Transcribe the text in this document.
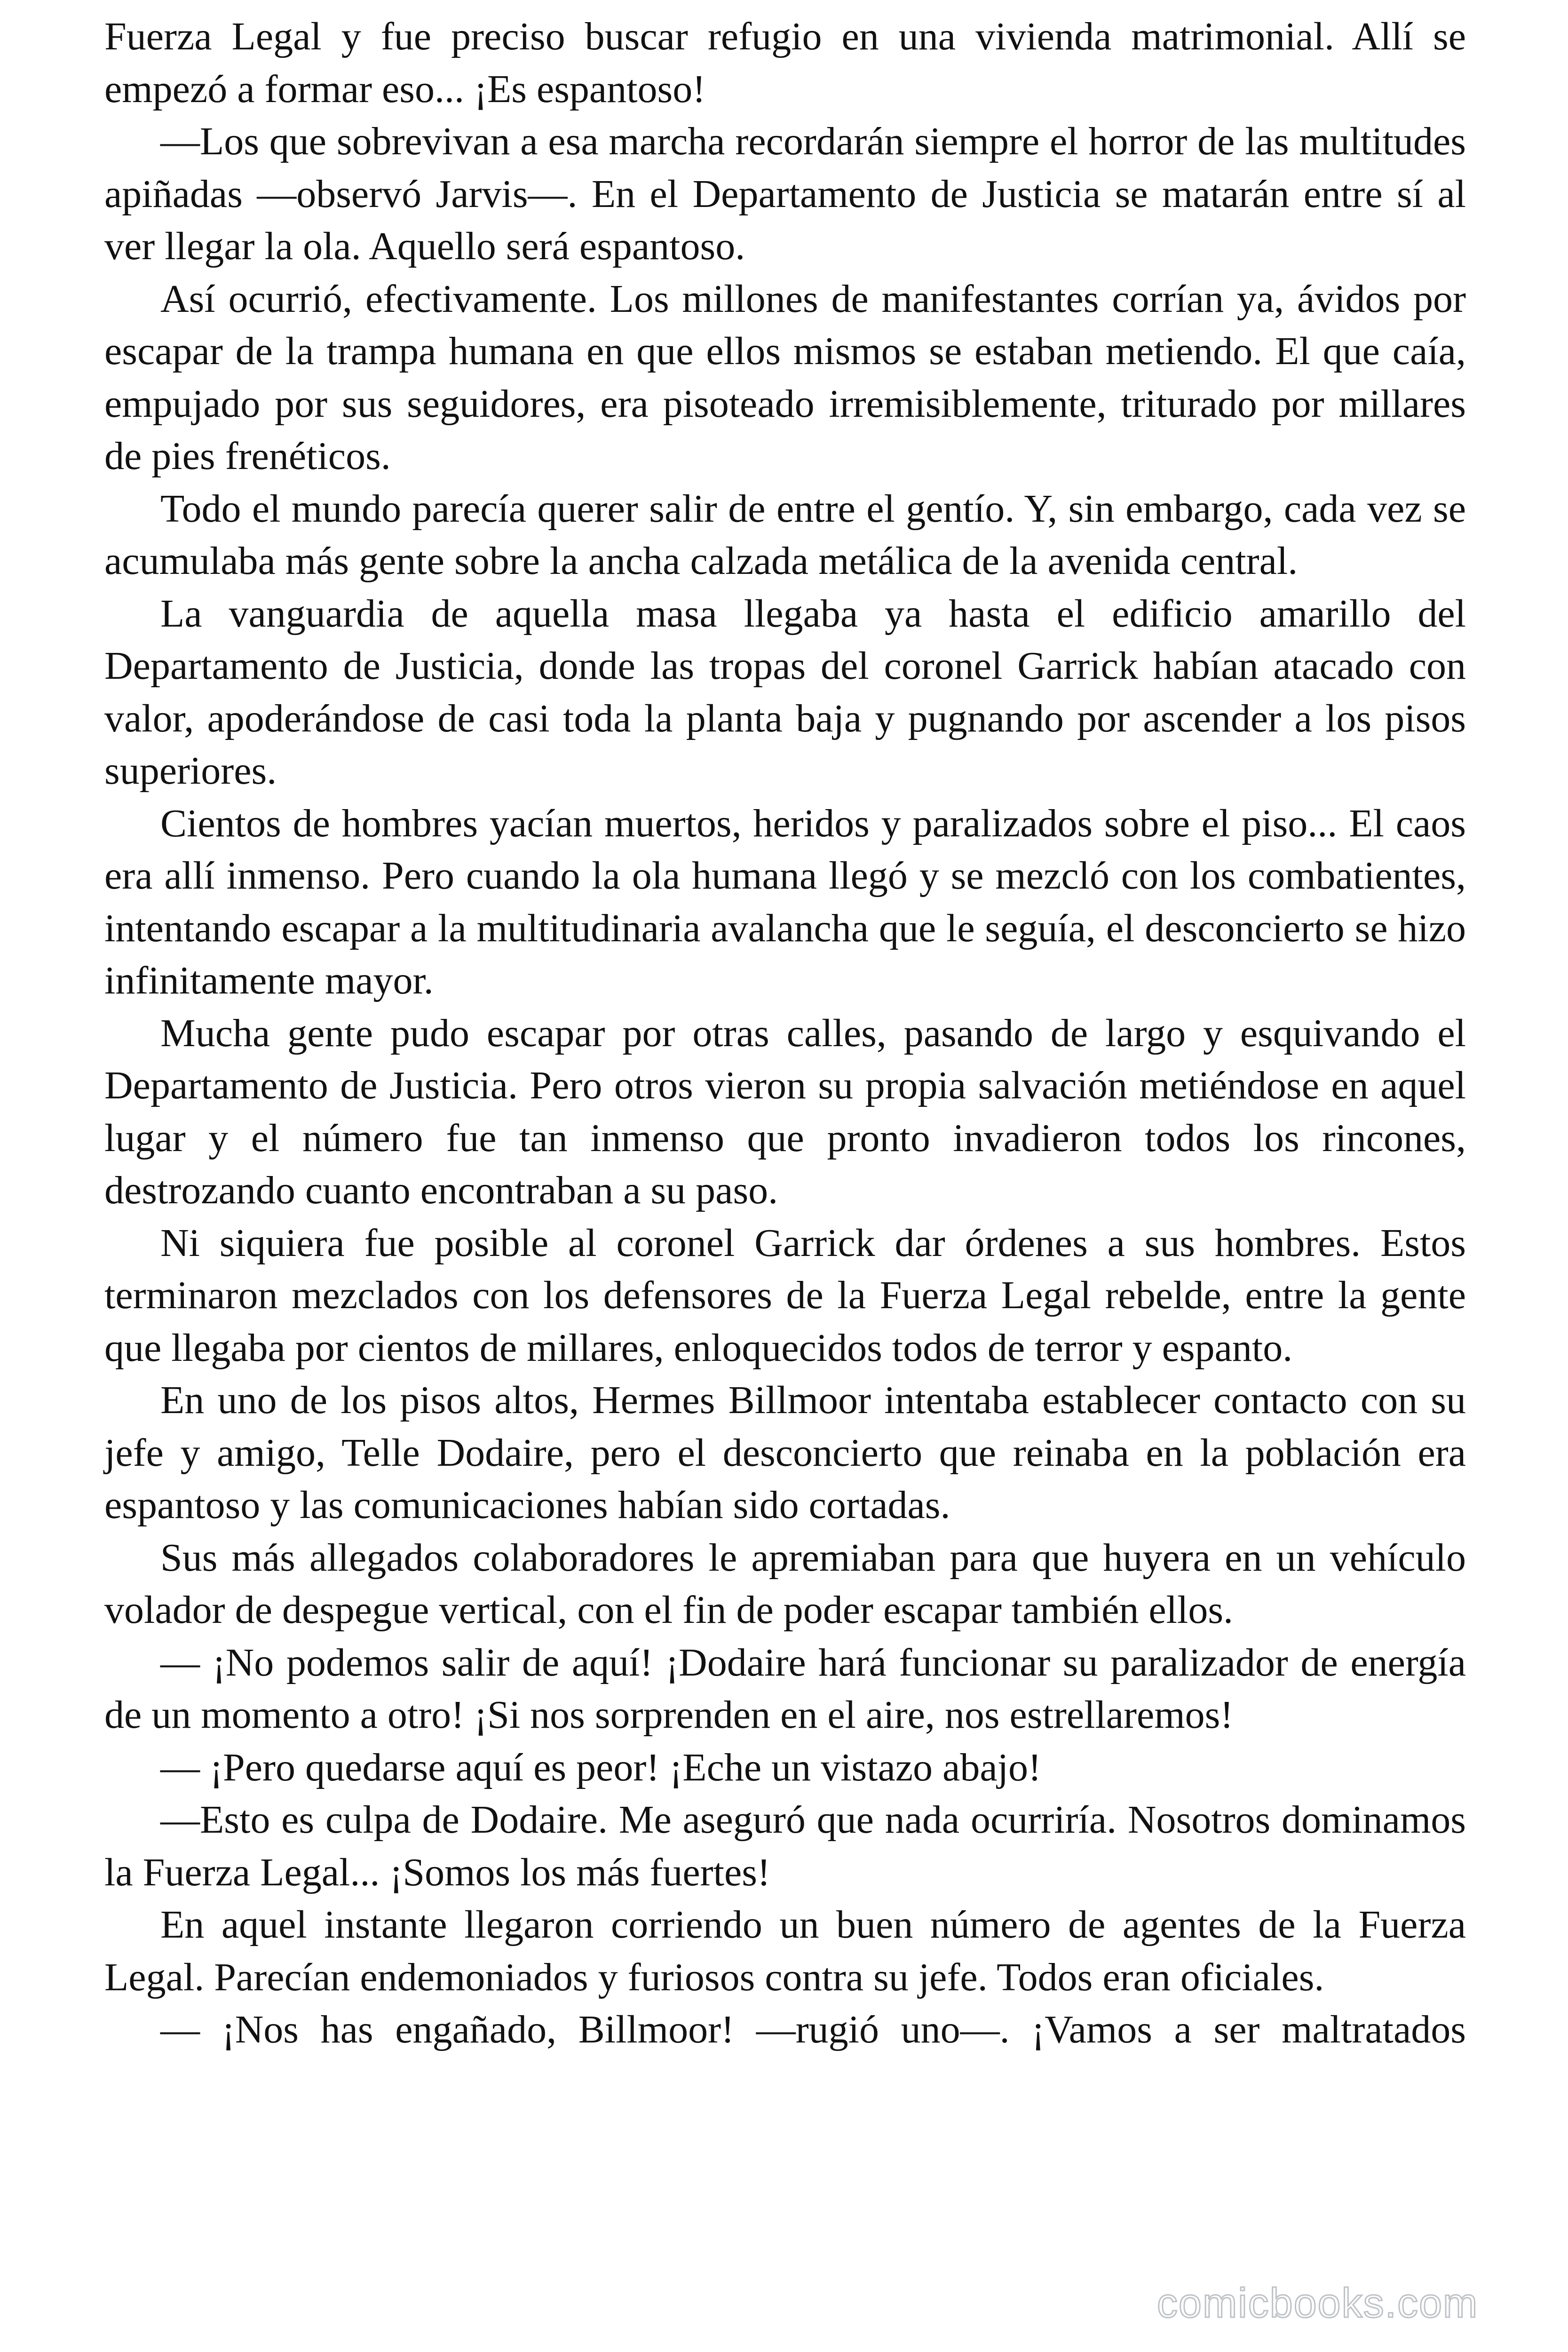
Fuerza Legal y fue preciso buscar refugio en una vivienda matrimonial. Allí se empezó a formar eso... ¡Es espantoso!

—Los que sobrevivan a esa marcha recordarán siempre el horror de las multitudes apiñadas —observó Jarvis—. En el Departamento de Justicia se matarán entre sí al ver llegar la ola. Aquello será espantoso.

Así ocurrió, efectivamente. Los millones de manifestantes corrían ya, ávidos por escapar de la trampa humana en que ellos mismos se estaban metiendo. El que caía, empujado por sus seguidores, era pisoteado irremisiblemente, triturado por millares de pies frenéticos.

Todo el mundo parecía querer salir de entre el gentío. Y, sin embargo, cada vez se acumulaba más gente sobre la ancha calzada metálica de la avenida central.

La vanguardia de aquella masa llegaba ya hasta el edificio amarillo del Departamento de Justicia, donde las tropas del coronel Garrick habían atacado con valor, apoderándose de casi toda la planta baja y pugnando por ascender a los pisos superiores.

Cientos de hombres yacían muertos, heridos y paralizados sobre el piso... El caos era allí inmenso. Pero cuando la ola humana llegó y se mezcló con los combatientes, intentando escapar a la multitudinaria avalancha que le seguía, el desconcierto se hizo infinitamente mayor.

Mucha gente pudo escapar por otras calles, pasando de largo y esquivando el Departamento de Justicia. Pero otros vieron su propia salvación metiéndose en aquel lugar y el número fue tan inmenso que pronto invadieron todos los rincones, destrozando cuanto encontraban a su paso.

Ni siquiera fue posible al coronel Garrick dar órdenes a sus hombres. Estos terminaron mezclados con los defensores de la Fuerza Legal rebelde, entre la gente que llegaba por cientos de millares, enloquecidos todos de terror y espanto.

En uno de los pisos altos, Hermes Billmoor intentaba establecer contacto con su jefe y amigo, Telle Dodaire, pero el desconcierto que reinaba en la población era espantoso y las comunicaciones habían sido cortadas.

Sus más allegados colaboradores le apremiaban para que huyera en un vehículo volador de despegue vertical, con el fin de poder escapar también ellos.

— ¡No podemos salir de aquí! ¡Dodaire hará funcionar su paralizador de energía de un momento a otro! ¡Si nos sorprenden en el aire, nos estrellaremos!

— ¡Pero quedarse aquí es peor! ¡Eche un vistazo abajo!

—Esto es culpa de Dodaire. Me aseguró que nada ocurriría. Nosotros dominamos la Fuerza Legal... ¡Somos los más fuertes!

En aquel instante llegaron corriendo un buen número de agentes de la Fuerza Legal. Parecían endemoniados y furiosos contra su jefe. Todos eran oficiales.

— ¡Nos has engañado, Billmoor! —rugió uno—. ¡Vamos a ser maltratados

comicbooks.com
